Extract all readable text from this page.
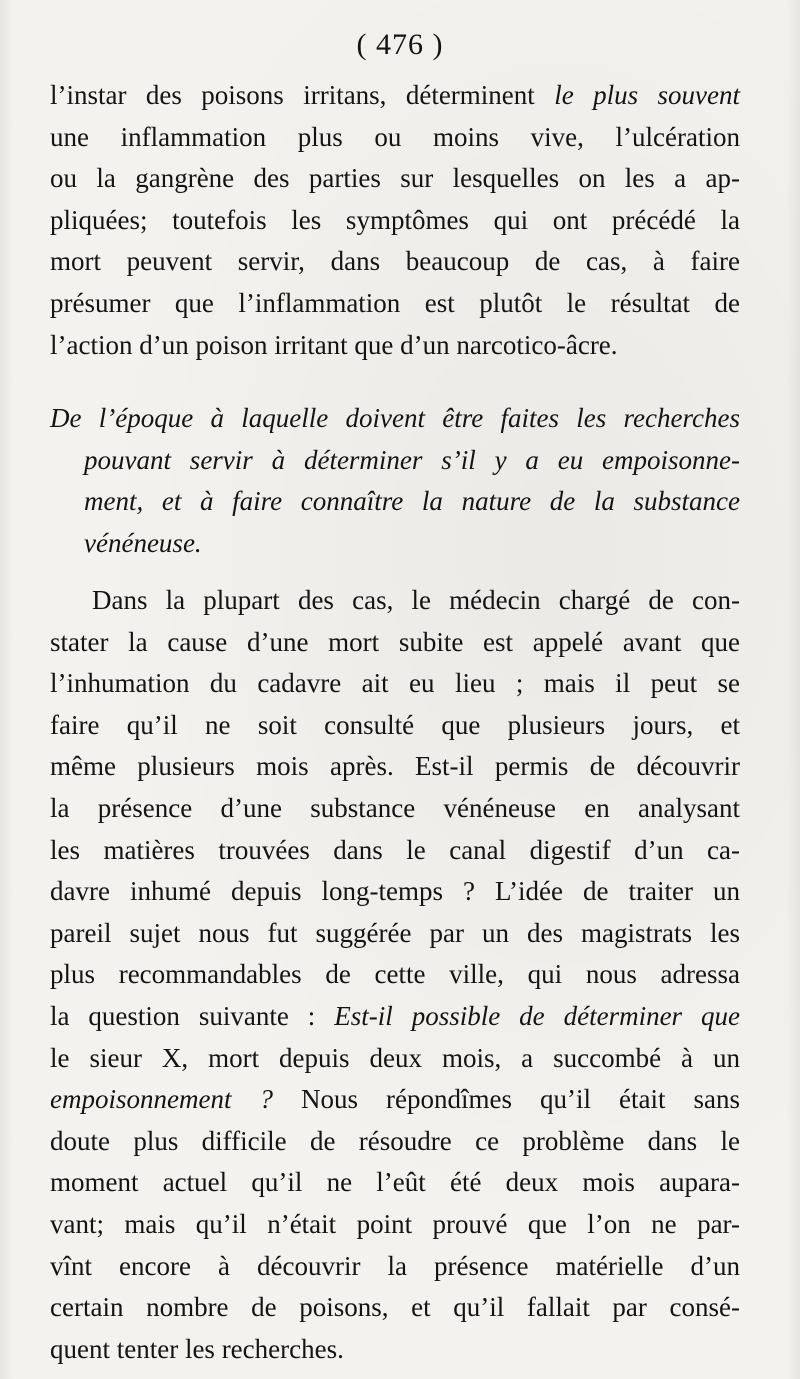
( 476 )
l’instar des poisons irritans, déterminent le plus souvent
une inflammation plus ou moins vive, l’ulcération
ou la gangrène des parties sur lesquelles on les a ap-
pliquées; toutefois les symptômes qui ont précédé la
mort peuvent servir, dans beaucoup de cas, à faire
présumer que l’inflammation est plutôt le résultat de
l’action d’un poison irritant que d’un narcotico-âcre.
De l’époque à laquelle doivent être faites les recherches
pouvant servir à déterminer s’il y a eu empoisonne-
ment, et à faire connaître la nature de la substance
vénéneuse.
Dans la plupart des cas, le médecin chargé de con-
stater la cause d’une mort subite est appelé avant que
l’inhumation du cadavre ait eu lieu ; mais il peut se
faire qu’il ne soit consulté que plusieurs jours, et
même plusieurs mois après. Est-il permis de découvrir
la présence d’une substance vénéneuse en analysant
les matières trouvées dans le canal digestif d’un ca-
davre inhumé depuis long-temps ? L’idée de traiter un
pareil sujet nous fut suggérée par un des magistrats les
plus recommandables de cette ville, qui nous adressa
la question suivante : Est-il possible de déterminer que
le sieur X, mort depuis deux mois, a succombé à un
empoisonnement ? Nous répondîmes qu’il était sans
doute plus difficile de résoudre ce problème dans le
moment actuel qu’il ne l’eût été deux mois aupara-
vant; mais qu’il n’était point prouvé que l’on ne par-
vînt encore à découvrir la présence matérielle d’un
certain nombre de poisons, et qu’il fallait par consé-
quent tenter les recherches.
